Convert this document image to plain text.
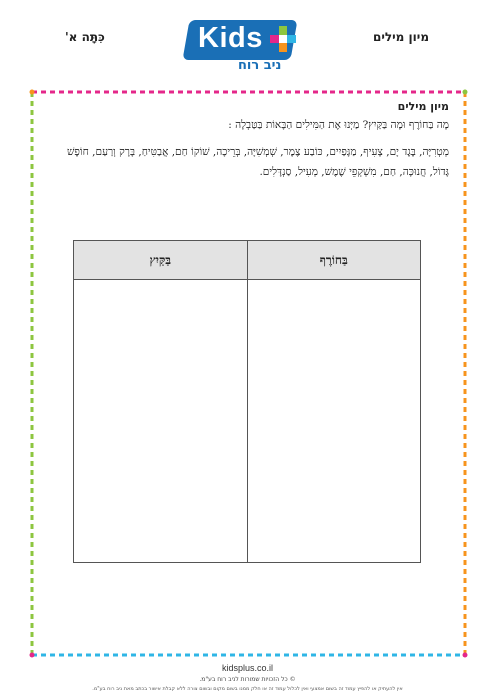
כִּתָּה א'	מיון מילים
Kids
ניב רוח

מיון מילים

מָה בַּחוֹרֶף וּמָה בַּקַּיִץ? מַיְּנוּ אֶת הַמִּילִים הַבָּאוֹת בַּטַּבְלָה :

מְטְרִיָּה, בֶּגֶד יָם, צָעִיף, מַגָּפַיִים, כּוֹבַע צֶמֶר, שְׁמְשִׁיָּה, בְּרֵיכָה, שׁוֹקוֹ חַם, אֲבַטִּיחַ, בָּרָק וְרַעַם, חוֹפֶשׁ גָּדוֹל, חֲנוּכָּה, חַם, מִשְׁקְפֵי שֶׁמֶשׁ, מְעִיל, סַנְדָּלִים.

בַּחוֹרֶף	בַּקַּיִץ

kidsplus.co.il
© כל הזכויות שמורות לניב רוח בע"מ.
אין להעתיק או להפיץ עמוד זה בשום אמצעי ואין לכלול עמוד זה או חלק ממנו בשום מקום ובשום צורה ללא קבלת אישור בכתב מאת ניב רוח בע"מ.
